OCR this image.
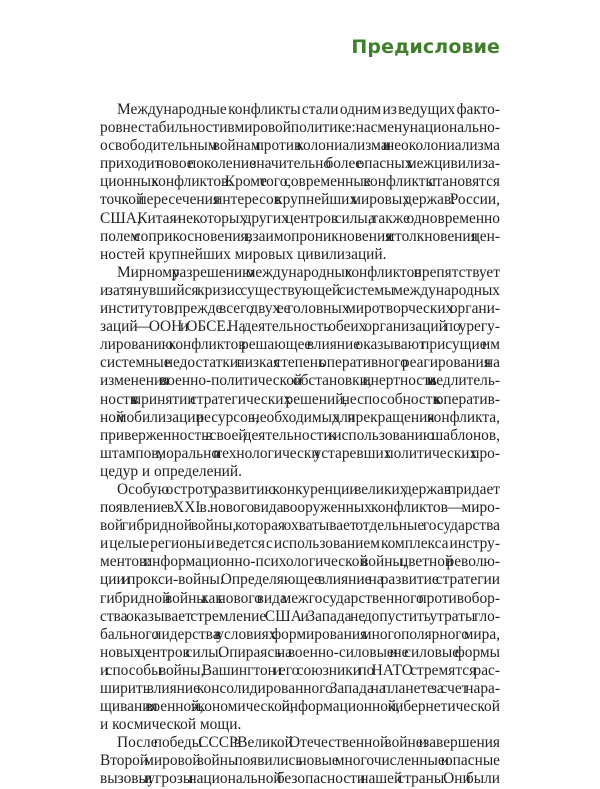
Предисловие

Международные конфликты стали одним из ведущих факто-
ров нестабильности в мировой политике: на смену национально-
освободительным войнам против колониализма и неоколониализма
приходит новое поколение значительно более опасных межцивилиза-
ционных конфликтов. Кроме того, современные конфликты становятся
точкой пересечения интересов крупнейших мировых держав: России,
США, Китая и некоторых других центров силы, а также одновременно
полем соприкосновения, взаимопроникновения и столкновения цен-
ностей крупнейших мировых цивилизаций.

Мирному разрешению международных конфликтов препятствует
и затянувшийся кризис существующей системы международных
институтов, прежде всего двух ее головных миротворческих органи-
заций — ООН и ОБСЕ. На деятельность обеих организаций по урегу-
лированию конфликтов решающее влияние оказывают присущие им
системные недостатки: низкая степень оперативного реагирования на
изменения военно-политической обстановки, инертность и медлитель-
ность в принятии стратегических решений, неспособность к оператив-
ной мобилизации ресурсов, необходимых для прекращения конфликта,
приверженность в своей деятельности к использованию шаблонов,
штампов, морально и технологически устаревших политических про-
цедур и определений.

Особую остроту развитию конкуренции великих держав придает
появление в XXI в. нового вида вооруженных конфликтов — миро-
вой гибридной войны, которая охватывает отдельные государства
и целые регионы и ведется с использованием комплекса инстру-
ментов: информационно-психологической войны, цветной револю-
ции и прокси-войны. Определяющее влияние на развитие стратегии
гибридной войны как нового вида межгосударственного противобор-
ства оказывает стремление США и Запада не допустить утраты гло-
бального лидерства в условиях формирования многополярного мира,
новых центров силы. Опираясь на военно-силовые и не силовые формы
и способы войны, Вашингтон и его союзники по НАТО стремятся рас-
ширить влияние консолидированного Запада на планете за счет нара-
щивания военной, экономической, информационной, кибернетической
и космической мощи.

После победы СССР в Великой Отечественной войне и завершения
Второй мировой войны появились новые многочисленные и опасные
вызовы и угрозы национальной безопасности нашей страны. Они были
